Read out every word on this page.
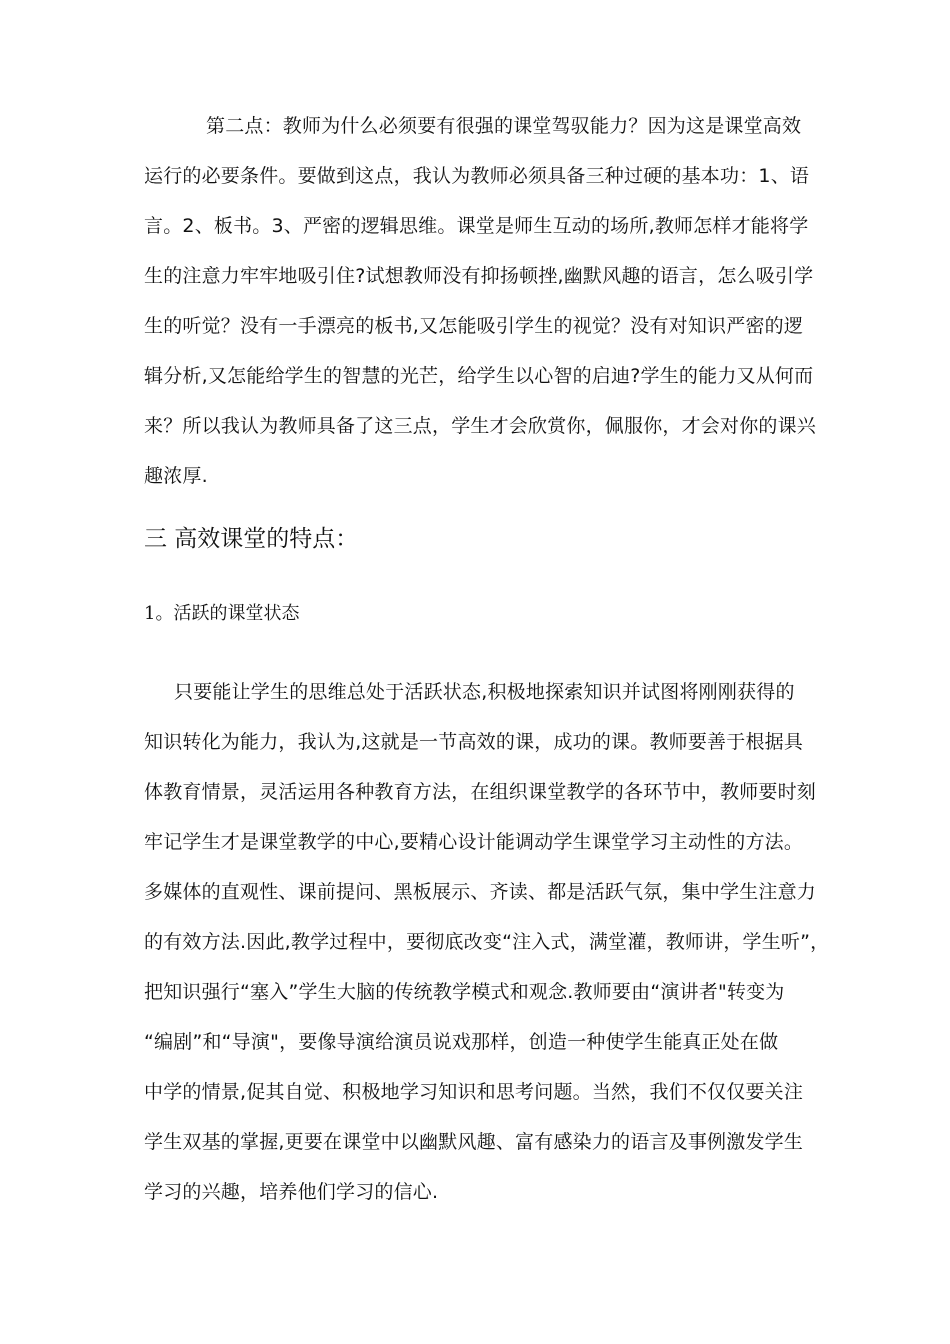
第二点：教师为什么必须要有很强的课堂驾驭能力？因为这是课堂高效
运行的必要条件。要做到这点，我认为教师必须具备三种过硬的基本功：1、语
言。2、板书。3、严密的逻辑思维。课堂是师生互动的场所,教师怎样才能将学
生的注意力牢牢地吸引住?试想教师没有抑扬顿挫,幽默风趣的语言，怎么吸引学
生的听觉？没有一手漂亮的板书,又怎能吸引学生的视觉？没有对知识严密的逻
辑分析,又怎能给学生的智慧的光芒，给学生以心智的启迪?学生的能力又从何而
来？所以我认为教师具备了这三点，学生才会欣赏你，佩服你，才会对你的课兴
趣浓厚.
三 高效课堂的特点：
1。活跃的课堂状态
只要能让学生的思维总处于活跃状态,积极地探索知识并试图将刚刚获得的
知识转化为能力，我认为,这就是一节高效的课，成功的课。教师要善于根据具
体教育情景，灵活运用各种教育方法，在组织课堂教学的各环节中，教师要时刻
牢记学生才是课堂教学的中心,要精心设计能调动学生课堂学习主动性的方法。
多媒体的直观性、课前提问、黑板展示、齐读、都是活跃气氛，集中学生注意力
的有效方法.因此,教学过程中，要彻底改变“注入式，满堂灌，教师讲，学生听”，
把知识强行“塞入”学生大脑的传统教学模式和观念.教师要由“演讲者"转变为
“编剧”和“导演"，要像导演给演员说戏那样，创造一种使学生能真正处在做
中学的情景,促其自觉、积极地学习知识和思考问题。当然，我们不仅仅要关注
学生双基的掌握,更要在课堂中以幽默风趣、富有感染力的语言及事例激发学生
学习的兴趣，培养他们学习的信心.
